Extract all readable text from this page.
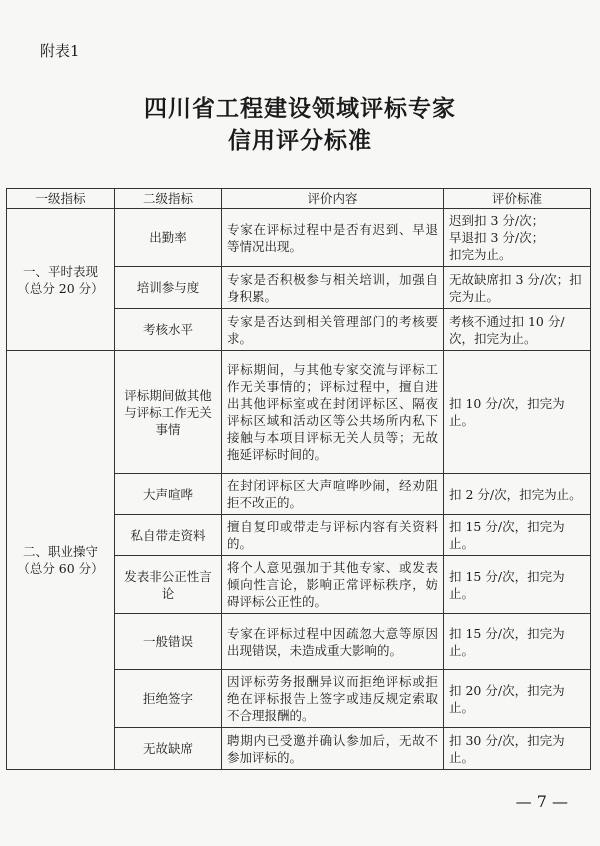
附表1
四川省工程建设领域评标专家
信用评分标准
一级指标	二级指标	评价内容	评价标准
一、平时表现
（总分 20 分）	出勤率	专家在评标过程中是否有迟到、早退等情况出现。	迟到扣 3 分/次；
早退扣 3 分/次；
扣完为止。
	培训参与度	专家是否积极参与相关培训，加强自身积累。	无故缺席扣 3 分/次；扣完为止。
	考核水平	专家是否达到相关管理部门的考核要求。	考核不通过扣 10 分/次，扣完为止。
二、职业操守
（总分 60 分）	评标期间做其他与评标工作无关事情	评标期间，与其他专家交流与评标工作无关事情的；评标过程中，擅自进出其他评标室或在封闭评标区、隔夜评标区域和活动区等公共场所内私下接触与本项目评标无关人员等；无故拖延评标时间的。	扣 10 分/次，扣完为止。
	大声喧哗	在封闭评标区大声喧哗吵闹，经劝阻拒不改正的。	扣 2 分/次，扣完为止。
	私自带走资料	擅自复印或带走与评标内容有关资料的。	扣 15 分/次，扣完为止。
	发表非公正性言论	将个人意见强加于其他专家、或发表倾向性言论，影响正常评标秩序，妨碍评标公正性的。	扣 15 分/次，扣完为止。
	一般错误	专家在评标过程中因疏忽大意等原因出现错误，未造成重大影响的。	扣 15 分/次，扣完为止。
	拒绝签字	因评标劳务报酬异议而拒绝评标或拒绝在评标报告上签字或违反规定索取不合理报酬的。	扣 20 分/次，扣完为止。
	无故缺席	聘期内已受邀并确认参加后，无故不参加评标的。	扣 30 分/次，扣完为止。
— 7 —
